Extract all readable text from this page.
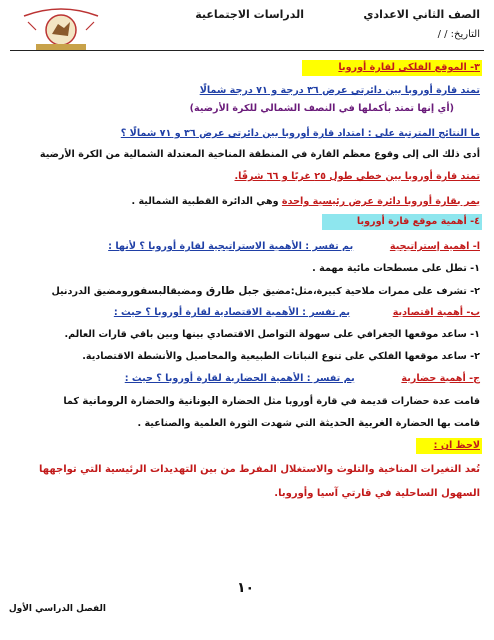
الصف الثاني الاعدادي
الدراسات الاجتماعية
التاريخ: / /
٣- الموقع الفلكي لقارة أوروبا
تمتد قارة أوروبا بين دائرتي عرض ٣٦ درجة و ٧١ درجة شمالًا
(أي إنها تمتد بأكملها في النصف الشمالي للكرة الأرضية)
ما النتائج المترتبة على : امتداد قارة أوروبا بين دائرتي عرض ٣٦ و ٧١ شمالًا ؟
أدى ذلك الى إلى وقوع معظم القارة في المنطقة المناخية المعتدلة الشمالية من الكرة الأرضية
تمتد قارة أوروبا بين خطي طول ٢٥ غربًا و ٦٦ شرقًا.
يمر بقارة أوروبا دائرة عرض رئيسية واحدة وهي الدائرة القطبية الشمالية .
٤- أهمية موقع قارة أوروبا
ا- اهمية إستراتيجية  بم تفسر : الأهمية الاستراتيجية لقارة أوروبا ؟ لأنها :
١- تطل على مسطحات مائية مهمة .
٢- تشرف على ممرات ملاحية كبيرة،مثل:مضيق جبل طارق ومضيقالبسفورومضيق الدردنيل
ب- أهمية اقتصادية  بم تفسر : الأهمية الاقتصادية لقارة أوروبا ؟ حيث :
١- ساعد موقعها الجغرافي على سهولة التواصل الاقتصادي بينها وبين باقي قارات العالم.
٢- ساعد موقعها الفلكي على تنوع النباتات الطبيعية والمحاصيل والأنشطة الاقتصادية.
ج- أهمية حضارية  بم تفسر : الأهمية الحضارية لقارة أوروبا ؟ حيث :
قامت عدة حضارات قديمة في قارة أوروبا مثل الحضارة اليونانية والحضارة الرومانية كما
قامت بها الحضارة الغربية الحديثة التي شهدت الثورة العلمية والصناعية .
لاحظ ان :
تُعد التغيرات المناخية والتلوث والاستغلال المفرط من بين التهديدات الرئيسية التي تواجهها
السهول الساحلية في قارتي آسيا وأوروبا.
١٠
الفصل الدراسي الأول
